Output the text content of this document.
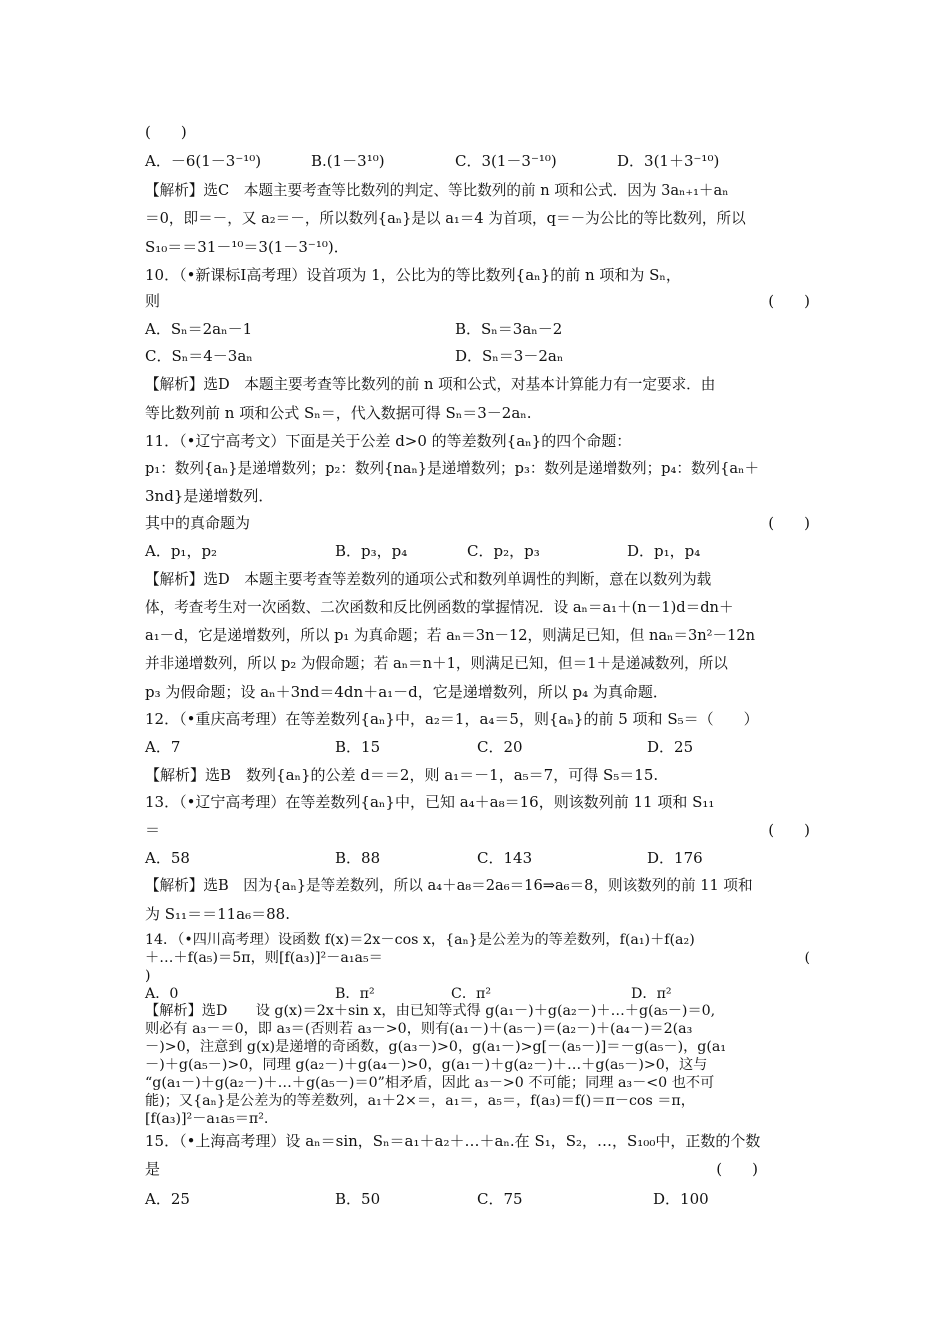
(　　)
A．－6(1－3⁻¹⁰)	B.(1－3¹⁰)	C．3(1－3⁻¹⁰)	D．3(1＋3⁻¹⁰)
【解析】选C　本题主要考查等比数列的判定、等比数列的前 n 项和公式．因为 3aₙ₊₁＋aₙ
＝0，即＝－，又 a₂＝－，所以数列{aₙ}是以 a₁＝4 为首项，q＝－为公比的等比数列，所以
S₁₀＝＝31－¹⁰＝3(1－3⁻¹⁰)．
10．（•新课标Ⅰ高考理）设首项为 1，公比为的等比数列{aₙ}的前 n 项和为 Sₙ，
则	(　　)
A．Sₙ＝2aₙ－1	B．Sₙ＝3aₙ－2
C．Sₙ＝4－3aₙ	D．Sₙ＝3－2aₙ
【解析】选D　本题主要考查等比数列的前 n 项和公式，对基本计算能力有一定要求．由
等比数列前 n 项和公式 Sₙ＝，代入数据可得 Sₙ＝3－2aₙ.
11．（•辽宁高考文）下面是关于公差 d>0 的等差数列{aₙ}的四个命题：
p₁：数列{aₙ}是递增数列；p₂：数列{naₙ}是递增数列；p₃：数列是递增数列；p₄：数列{aₙ＋
3nd}是递增数列．
其中的真命题为	(　　)
A．p₁，p₂	B．p₃，p₄	C．p₂，p₃	D．p₁，p₄
【解析】选D　本题主要考查等差数列的通项公式和数列单调性的判断，意在以数列为载
体，考查考生对一次函数、二次函数和反比例函数的掌握情况．设 aₙ＝a₁＋(n－1)d＝dn＋
a₁－d，它是递增数列，所以 p₁ 为真命题；若 aₙ＝3n－12，则满足已知，但 naₙ＝3n²－12n
并非递增数列，所以 p₂ 为假命题；若 aₙ＝n＋1，则满足已知，但＝1＋是递减数列，所以
p₃ 为假命题；设 aₙ＋3nd＝4dn＋a₁－d，它是递增数列，所以 p₄ 为真命题．
12．（•重庆高考理）在等差数列{aₙ}中，a₂＝1，a₄＝5，则{aₙ}的前 5 项和 S₅＝（　　）
A．7	B．15	C．20	D．25
【解析】选B　数列{aₙ}的公差 d＝＝2，则 a₁＝－1，a₅＝7，可得 S₅＝15.
13．（•辽宁高考理）在等差数列{aₙ}中，已知 a₄＋a₈＝16，则该数列前 11 项和 S₁₁
＝	(　　)
A．58	B．88	C．143	D．176
【解析】选B　因为{aₙ}是等差数列，所以 a₄＋a₈＝2a₆＝16⇒a₆＝8，则该数列的前 11 项和
为 S₁₁＝＝11a₆＝88.
14．（•四川高考理）设函数 f(x)＝2x－cos x，{aₙ}是公差为的等差数列，f(a₁)＋f(a₂)
＋…＋f(a₅)＝5π，则[f(a₃)]²－a₁a₅＝	(
)
A．0	B．π²	C．π²	D．π²
【解析】选D　　设 g(x)＝2x＋sin x，由已知等式得 g(a₁－)＋g(a₂－)＋…＋g(a₅－)＝0,
则必有 a₃－＝0，即 a₃＝(否则若 a₃－>0，则有(a₁－)＋(a₅－)＝(a₂－)＋(a₄－)＝2(a₃
－)>0，注意到 g(x)是递增的奇函数，g(a₃－)>0，g(a₁－)>g[－(a₅－)]＝－g(a₅－)，g(a₁
－)＋g(a₅－)>0，同理 g(a₂－)＋g(a₄－)>0，g(a₁－)＋g(a₂－)＋…＋g(a₅－)>0，这与
“g(a₁－)＋g(a₂－)＋…＋g(a₅－)＝0”相矛盾，因此 a₃－>0 不可能；同理 a₃－<0 也不可
能)；又{aₙ}是公差为的等差数列，a₁＋2×＝，a₁＝，a₅＝，f(a₃)＝f()＝π－cos ＝π，
[f(a₃)]²－a₁a₅＝π².
15．（•上海高考理）设 aₙ＝sin，Sₙ＝a₁＋a₂＋…＋aₙ.在 S₁，S₂，…，S₁₀₀中，正数的个数
是	(　　)
A．25	B．50	C．75	D．100
